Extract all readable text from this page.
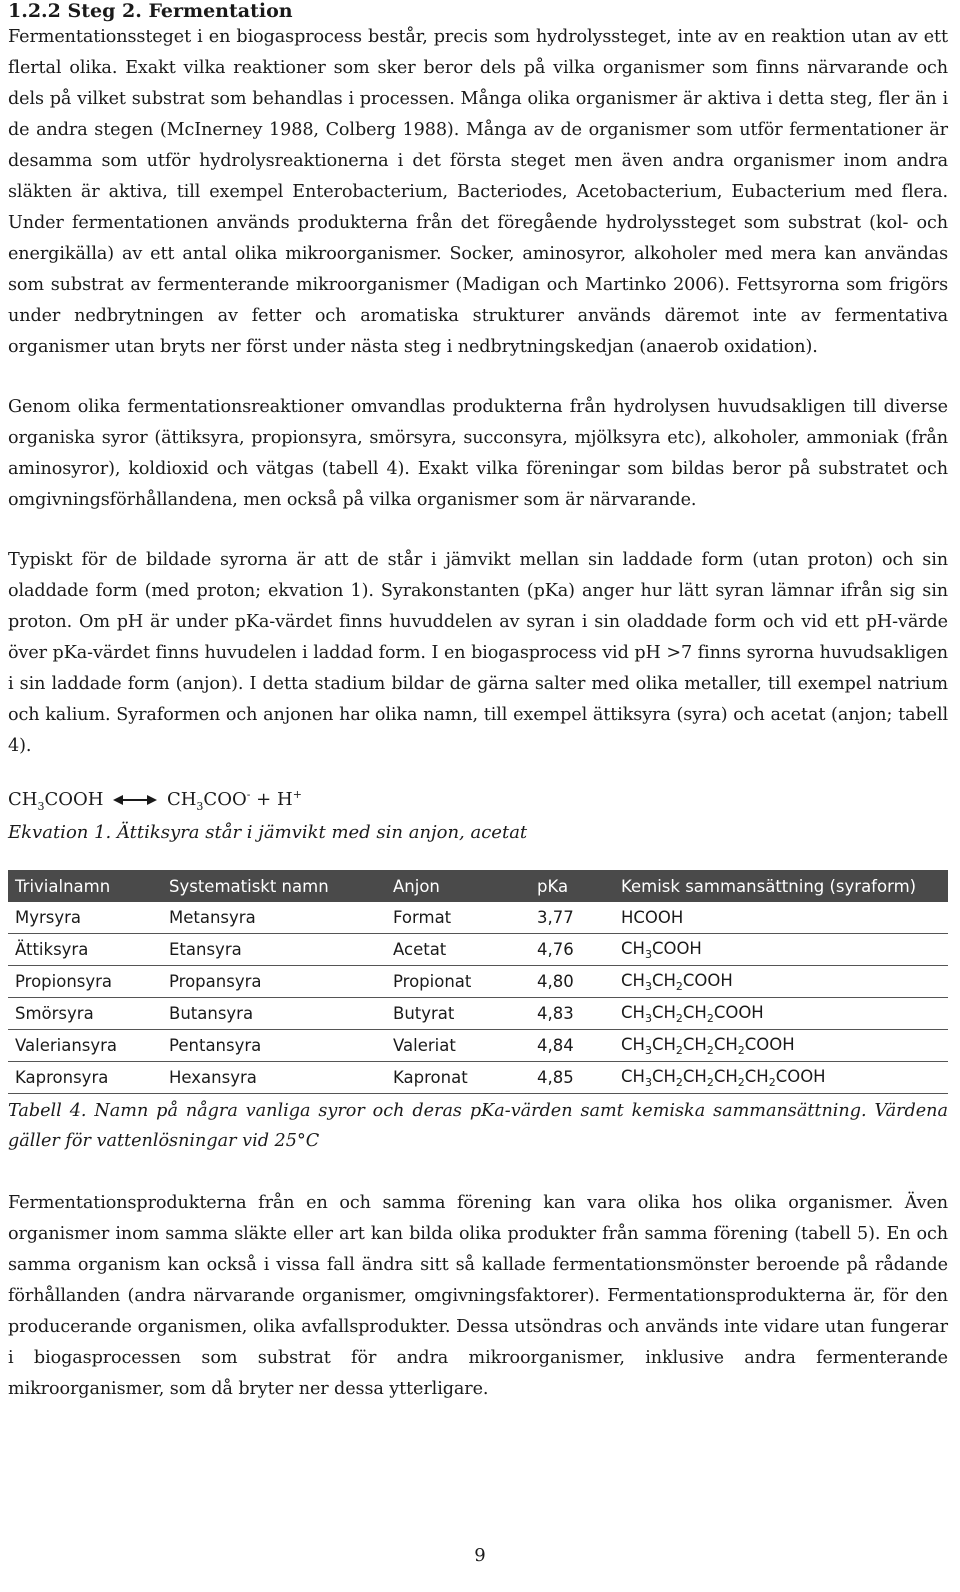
1.2.2 Steg 2. Fermentation

Fermentationssteget i en biogasprocess består, precis som hydrolyssteget, inte av en reaktion utan av ett flertal olika. Exakt vilka reaktioner som sker beror dels på vilka organismer som finns närvarande och dels på vilket substrat som behandlas i processen. Många olika organismer är aktiva i detta steg, fler än i de andra stegen (McInerney 1988, Colberg 1988). Många av de organismer som utför fermentationer är desamma som utför hydrolysreaktionerna i det första steget men även andra organismer inom andra släkten är aktiva, till exempel Enterobacterium, Bacteriodes, Acetobacterium, Eubacterium med flera. Under fermentationen används produkterna från det föregående hydrolyssteget som substrat (kol- och energikälla) av ett antal olika mikroorganismer. Socker, aminosyror, alkoholer med mera kan användas som substrat av fermenterande mikroorganismer (Madigan och Martinko 2006). Fettsyrorna som frigörs under nedbrytningen av fetter och aromatiska strukturer används däremot inte av fermentativa organismer utan bryts ner först under nästa steg i nedbrytningskedjan (anaerob oxidation).

Genom olika fermentationsreaktioner omvandlas produkterna från hydrolysen huvudsakligen till diverse organiska syror (ättiksyra, propionsyra, smörsyra, succonsyra, mjölksyra etc), alkoholer, ammoniak (från aminosyror), koldioxid och vätgas (tabell 4). Exakt vilka föreningar som bildas beror på substratet och omgivningsförhållandena, men också på vilka organismer som är närvarande.

Typiskt för de bildade syrorna är att de står i jämvikt mellan sin laddade form (utan proton) och sin oladdade form (med proton; ekvation 1). Syrakonstanten (pKa) anger hur lätt syran lämnar ifrån sig sin proton. Om pH är under pKa-värdet finns huvuddelen av syran i sin oladdade form och vid ett pH-värde över pKa-värdet finns huvudelen i laddad form. I en biogasprocess vid pH >7 finns syrorna huvudsakligen i sin laddade form (anjon). I detta stadium bildar de gärna salter med olika metaller, till exempel natrium och kalium. Syraformen och anjonen har olika namn, till exempel ättiksyra (syra) och acetat (anjon; tabell 4).

$CH_3COOH$	$CH_3COO^- + H^+$
Ekvation 1. Ättiksyra står i jämvikt med sin anjon, acetat
Trivialnamn	Systematiskt namn	Anjon	pKa	Kemisk sammansättning (syraform)
Myrsyra	Metansyra	Format	3,77	HCOOH
Ättiksyra	Etansyra	Acetat	4,76	$CH_3COOH$
Propionsyra	Propansyra	Propionat	4,80	$CH_3CH_2COOH$
Smörsyra	Butansyra	Butyrat	4,83	$CH_3CH_2CH_2COOH$
Valeriansyra	Pentansyra	Valeriat	4,84	$CH_3CH_2CH_2CH_2COOH$
Kapronsyra	Hexansyra	Kapronat	4,85	$CH_3CH_2CH_2CH_2CH_2COOH$

Tabell 4. Namn på några vanliga syror och deras pKa-värden samt kemiska sammansättning. Värdena gäller för vattenlösningar vid 25°C

Fermentationsprodukterna från en och samma förening kan vara olika hos olika organismer. Även organismer inom samma släkte eller art kan bilda olika produkter från samma förening (tabell 5). En och samma organism kan också i vissa fall ändra sitt så kallade fermentationsmönster beroende på rådande förhållanden (andra närvarande organismer, omgivningsfaktorer). Fermentationsprodukterna är, för den producerande organismen, olika avfallsprodukter. Dessa utsöndras och används inte vidare utan fungerar i biogasprocessen som substrat för andra mikroorganismer, inklusive andra fermenterande mikroorganismer, som då bryter ner dessa ytterligare.

9
